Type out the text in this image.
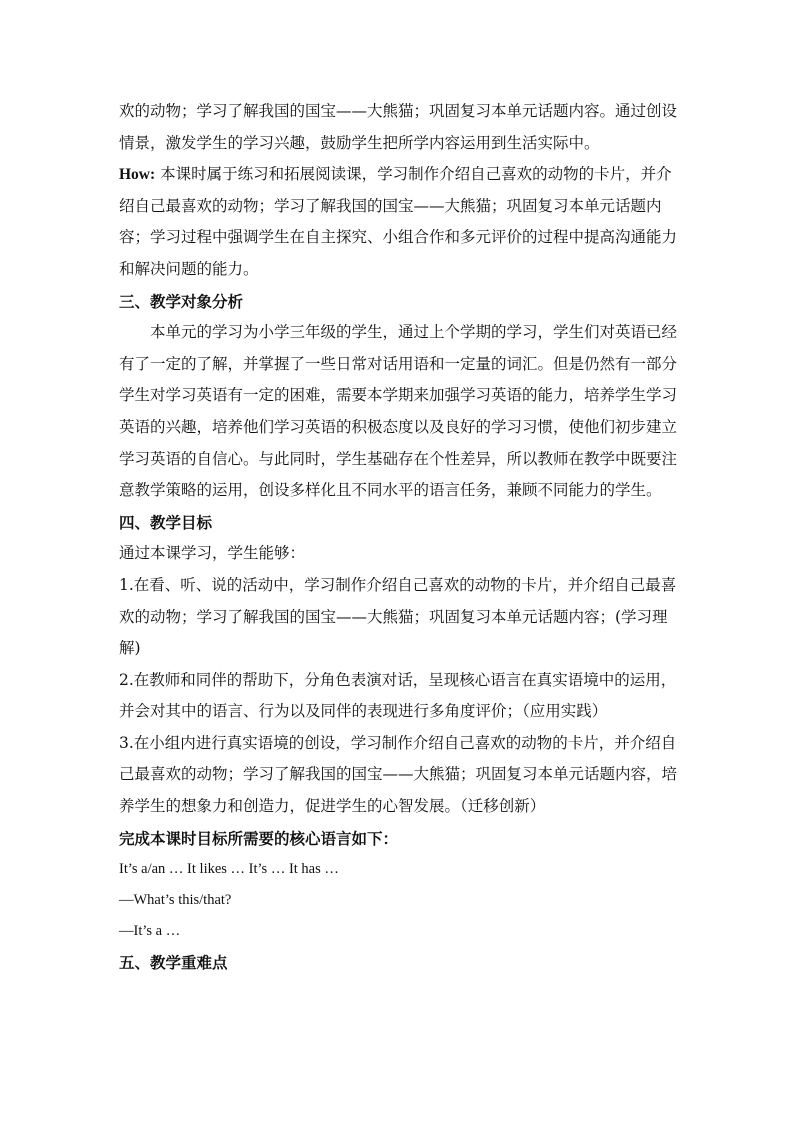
欢的动物；学习了解我国的国宝——大熊猫；巩固复习本单元话题内容。通过创设情景，激发学生的学习兴趣，鼓励学生把所学内容运用到生活实际中。

How: 本课时属于练习和拓展阅读课，学习制作介绍自己喜欢的动物的卡片，并介绍自己最喜欢的动物；学习了解我国的国宝——大熊猫；巩固复习本单元话题内容；学习过程中强调学生在自主探究、小组合作和多元评价的过程中提高沟通能力和解决问题的能力。

三、教学对象分析

本单元的学习为小学三年级的学生，通过上个学期的学习，学生们对英语已经有了一定的了解，并掌握了一些日常对话用语和一定量的词汇。但是仍然有一部分学生对学习英语有一定的困难，需要本学期来加强学习英语的能力，培养学生学习英语的兴趣，培养他们学习英语的积极态度以及良好的学习习惯，使他们初步建立学习英语的自信心。与此同时，学生基础存在个性差异，所以教师在教学中既要注意教学策略的运用，创设多样化且不同水平的语言任务，兼顾不同能力的学生。

四、教学目标

通过本课学习，学生能够：

1.在看、听、说的活动中，学习制作介绍自己喜欢的动物的卡片，并介绍自己最喜欢的动物；学习了解我国的国宝——大熊猫；巩固复习本单元话题内容；(学习理解)

2.在教师和同伴的帮助下，分角色表演对话，呈现核心语言在真实语境中的运用，并会对其中的语言、行为以及同伴的表现进行多角度评价；（应用实践）

3.在小组内进行真实语境的创设，学习制作介绍自己喜欢的动物的卡片，并介绍自己最喜欢的动物；学习了解我国的国宝——大熊猫；巩固复习本单元话题内容，培养学生的想象力和创造力，促进学生的心智发展。（迁移创新）

完成本课时目标所需要的核心语言如下：

It’s a/an … It likes … It’s … It has …

—What’s this/that?

—It’s a …

五、教学重难点
